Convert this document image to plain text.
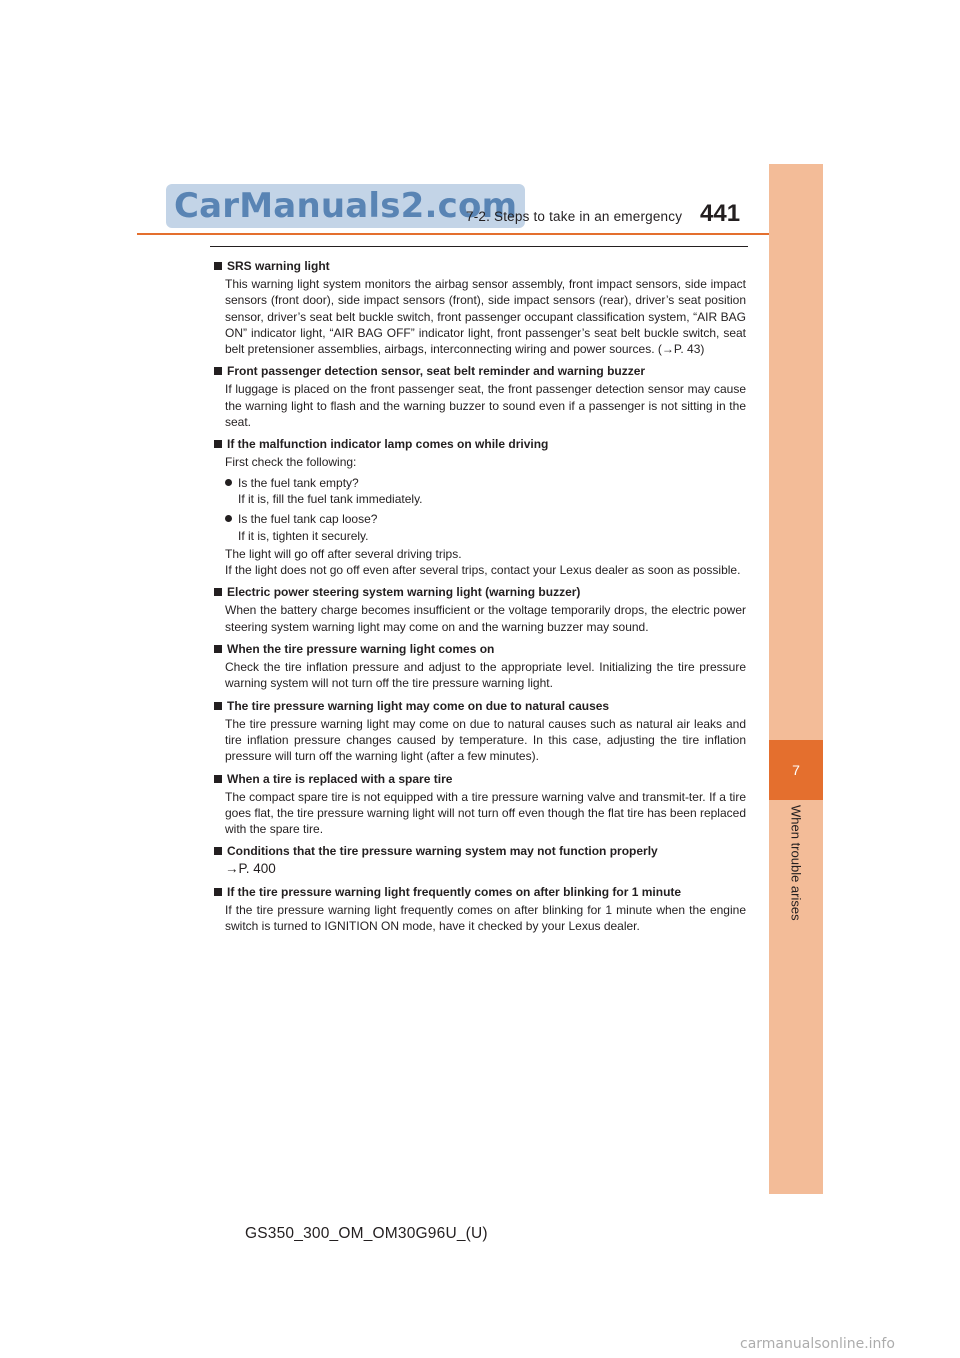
CarManuals2.com
7-2. Steps to take in an emergency 441
7
When trouble arises
SRS warning light

This warning light system monitors the airbag sensor assembly, front impact sensors, side impact sensors (front door), side impact sensors (front), side impact sensors (rear), driver’s seat position sensor, driver’s seat belt buckle switch, front passenger occupant classification system, “AIR BAG ON” indicator light, “AIR BAG OFF” indicator light, front passenger’s seat belt buckle switch, seat belt pretensioner assemblies, airbags, interconnecting wiring and power sources. (→P. 43)

Front passenger detection sensor, seat belt reminder and warning buzzer

If luggage is placed on the front passenger seat, the front passenger detection sensor may cause the warning light to flash and the warning buzzer to sound even if a passenger is not sitting in the seat.

If the malfunction indicator lamp comes on while driving

First check the following:

Is the fuel tank empty?
If it is, fill the fuel tank immediately.
Is the fuel tank cap loose?
If it is, tighten it securely.
The light will go off after several driving trips.

If the light does not go off even after several trips, contact your Lexus dealer as soon as possible.

Electric power steering system warning light (warning buzzer)

When the battery charge becomes insufficient or the voltage temporarily drops, the electric power steering system warning light may come on and the warning buzzer may sound.

When the tire pressure warning light comes on

Check the tire inflation pressure and adjust to the appropriate level. Initializing the tire pressure warning system will not turn off the tire pressure warning light.

The tire pressure warning light may come on due to natural causes

The tire pressure warning light may come on due to natural causes such as natural air leaks and tire inflation pressure changes caused by temperature. In this case, adjusting the tire inflation pressure will turn off the warning light (after a few minutes).

When a tire is replaced with a spare tire

The compact spare tire is not equipped with a tire pressure warning valve and transmit-ter. If a tire goes flat, the tire pressure warning light will not turn off even though the flat tire has been replaced with the spare tire.

Conditions that the tire pressure warning system may not function properly

→P. 400

If the tire pressure warning light frequently comes on after blinking for 1 minute

If the tire pressure warning light frequently comes on after blinking for 1 minute when the engine switch is turned to IGNITION ON mode, have it checked by your Lexus dealer.

GS350_300_OM_OM30G96U_(U)
carmanualsonline.info
